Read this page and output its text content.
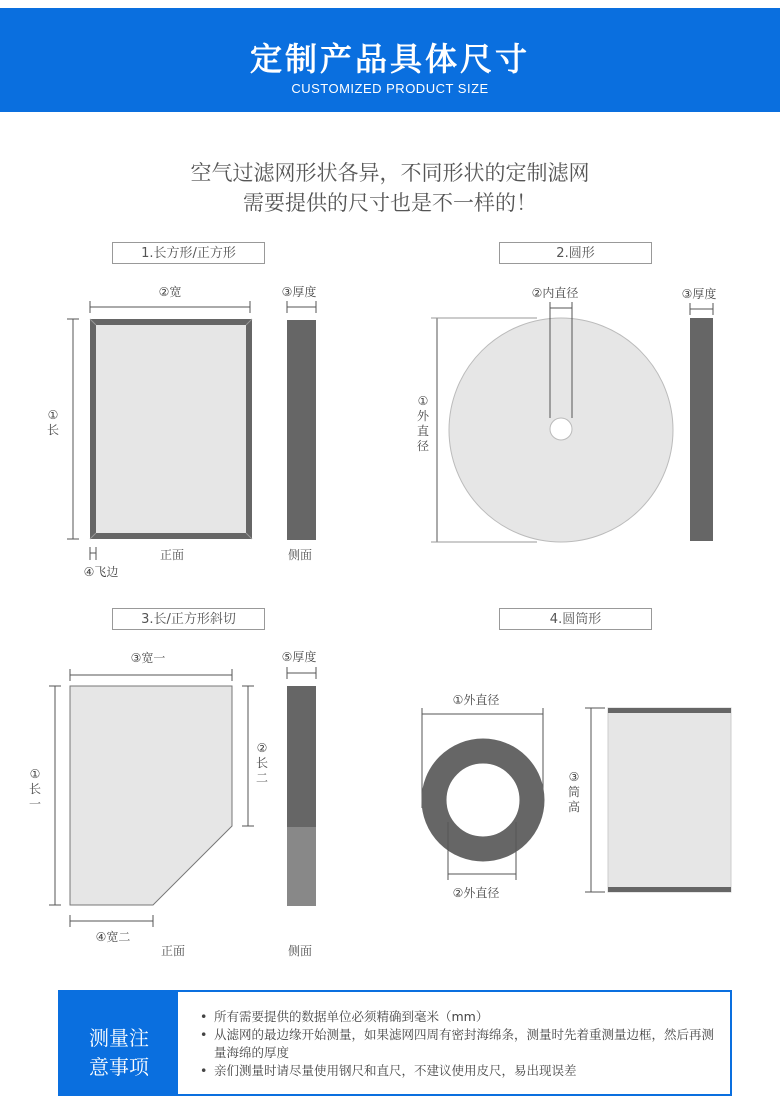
定制产品具体尺寸
CUSTOMIZED PRODUCT SIZE
空气过滤网形状各异，不同形状的定制滤网
需要提供的尺寸也是不一样的！
1.长方形/正方形	2.圆形
3.长/正方形斜切	4.圆筒形
②宽
①
长
④飞边
正面
③厚度
侧面
②内直径
①
外
直
径
③厚度
③宽一
①
长
一
②
长
二
④宽二
正面
⑤厚度
侧面
①外直径
②外直径
③
筒
高
测量注
意事项
• 所有需要提供的数据单位必须精确到毫米（mm）
• 从滤网的最边缘开始测量，如果滤网四周有密封海绵条，测量时先着重测量边框，然后再测量海绵的厚度
• 亲们测量时请尽量使用钢尺和直尺，不建议使用皮尺，易出现误差
